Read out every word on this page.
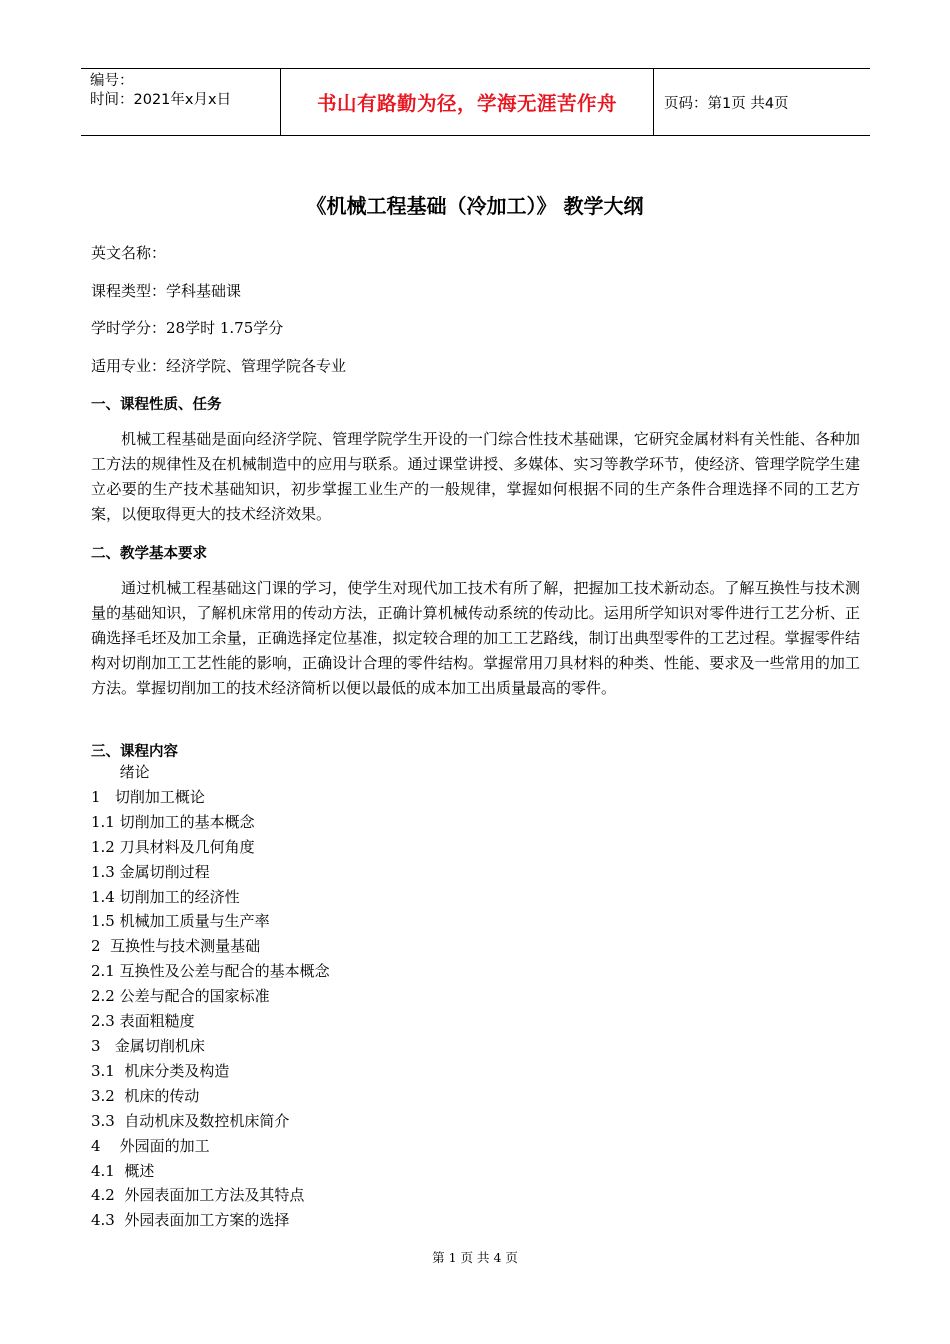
编号：
时间：2021年x月x日	书山有路勤为径，学海无涯苦作舟	页码：第1页 共4页
《机械工程基础（冷加工）》 教学大纲
英文名称：
课程类型：学科基础课
学时学分：28学时 1.75学分
适用专业：经济学院、管理学院各专业
一、课程性质、任务
机械工程基础是面向经济学院、管理学院学生开设的一门综合性技术基础课，它研究金属材料有关性能、各种加工方法的规律性及在机械制造中的应用与联系。通过课堂讲授、多媒体、实习等教学环节，使经济、管理学院学生建立必要的生产技术基础知识，初步掌握工业生产的一般规律，掌握如何根据不同的生产条件合理选择不同的工艺方案，以便取得更大的技术经济效果。
二、教学基本要求
通过机械工程基础这门课的学习，使学生对现代加工技术有所了解，把握加工技术新动态。了解互换性与技术测量的基础知识，了解机床常用的传动方法，正确计算机械传动系统的传动比。运用所学知识对零件进行工艺分析、正确选择毛坯及加工余量，正确选择定位基准，拟定较合理的加工工艺路线，制订出典型零件的工艺过程。掌握零件结构对切削加工工艺性能的影响，正确设计合理的零件结构。掌握常用刀具材料的种类、性能、要求及一些常用的加工方法。掌握切削加工的技术经济简析以便以最低的成本加工出质量最高的零件。
三、课程内容
绪论
1   切削加工概论
1.1 切削加工的基本概念
1.2 刀具材料及几何角度
1.3 金属切削过程
1.4 切削加工的经济性
1.5 机械加工质量与生产率
2  互换性与技术测量基础
2.1 互换性及公差与配合的基本概念
2.2 公差与配合的国家标准
2.3 表面粗糙度
3   金属切削机床
3.1  机床分类及构造
3.2  机床的传动
3.3  自动机床及数控机床简介
4    外园面的加工
4.1  概述
4.2  外园表面加工方法及其特点
4.3  外园表面加工方案的选择
第 1 页 共 4 页
